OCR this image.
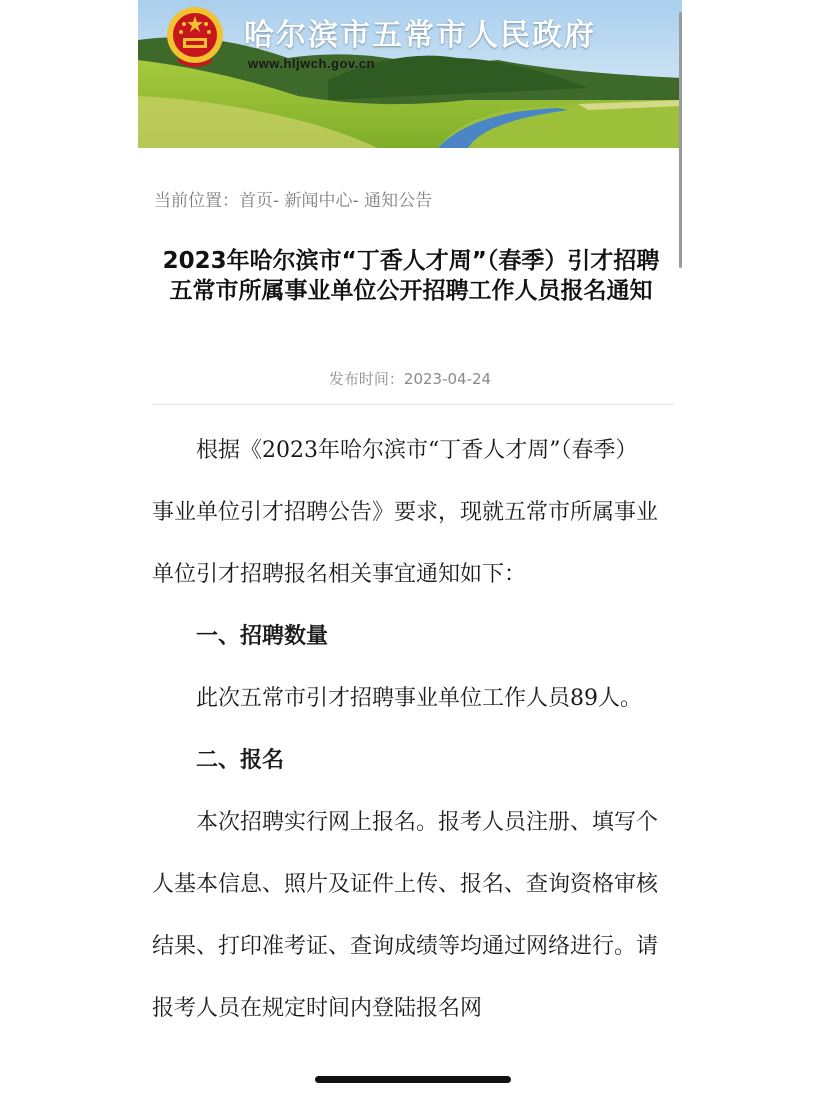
哈尔滨市五常市人民政府
www.hljwch.gov.cn
当前位置：首页- 新闻中心- 通知公告
2023年哈尔滨市“丁香人才周”（春季）引才招聘五常市所属事业单位公开招聘工作人员报名通知
发布时间：2023-04-24

根据《2023年哈尔滨市“丁香人才周”（春季）事业单位引才招聘公告》要求，现就五常市所属事业单位引才招聘报名相关事宜通知如下：

一、招聘数量

此次五常市引才招聘事业单位工作人员89人。

二、报名

本次招聘实行网上报名。报考人员注册、填写个人基本信息、照片及证件上传、报名、查询资格审核结果、打印准考证、查询成绩等均通过网络进行。请报考人员在规定时间内登陆报名网
